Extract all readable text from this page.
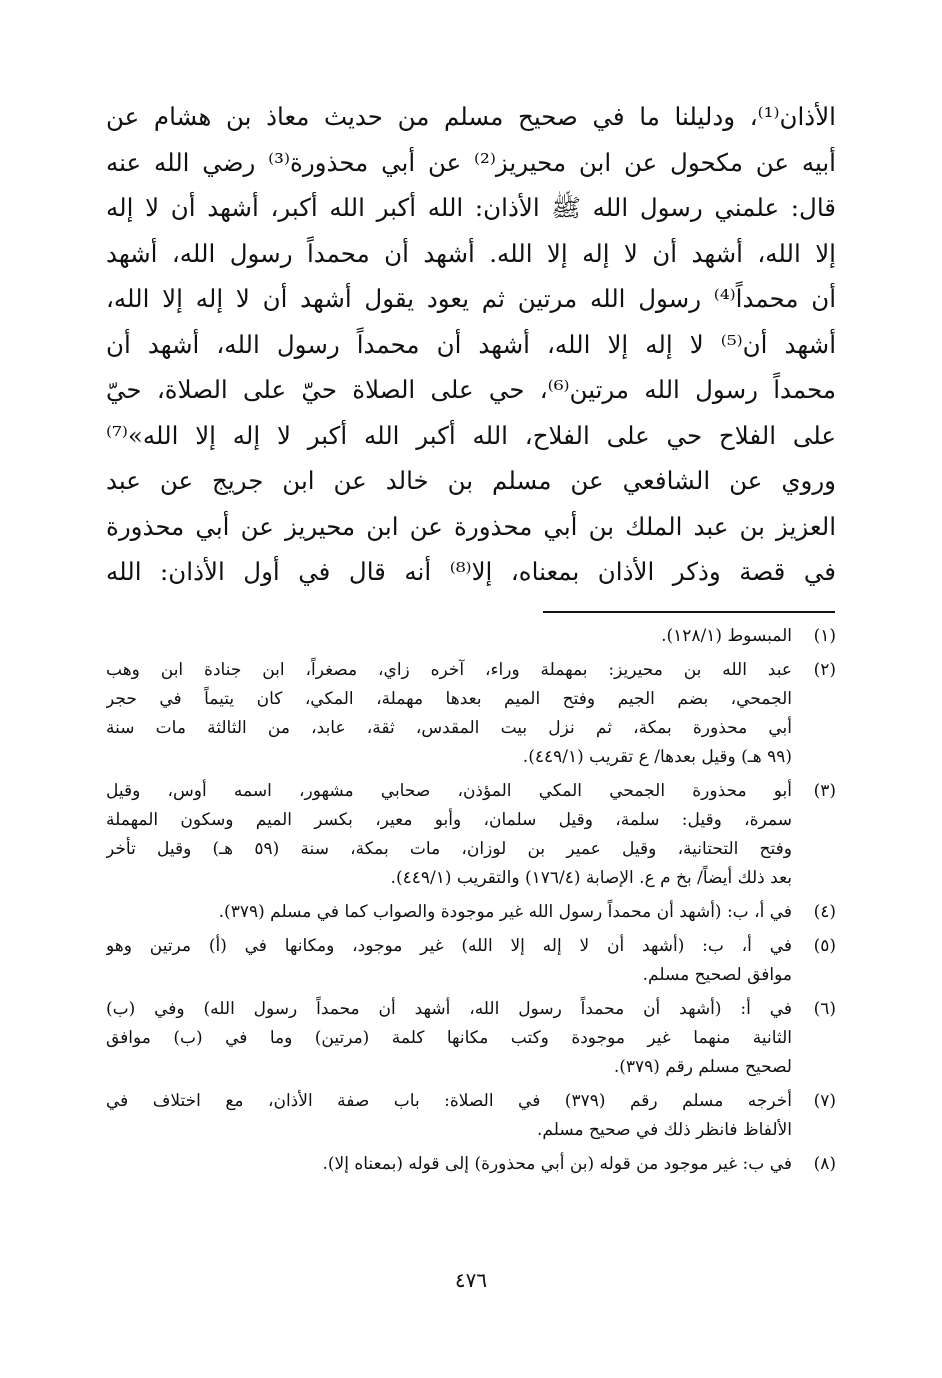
الأذان⁽¹⁾، ودليلنا ما في صحيح مسلم من حديث معاذ بن هشام عن
أبيه عن مكحول عن ابن محيريز⁽²⁾ عن أبي محذورة⁽³⁾ رضي الله عنه
قال: علمني رسول الله ﷺ الأذان: الله أكبر الله أكبر، أشهد أن لا إله
إلا الله، أشهد أن لا إله إلا الله. أشهد أن محمداً رسول الله، أشهد
أن محمداً⁽⁴⁾ رسول الله مرتين ثم يعود يقول أشهد أن لا إله إلا الله،
أشهد أن⁽⁵⁾ لا إله إلا الله، أشهد أن محمداً رسول الله، أشهد أن
محمداً رسول الله مرتين⁽⁶⁾، حي على الصلاة حيّ على الصلاة، حيّ
على الفلاح حي على الفلاح، الله أكبر الله أكبر لا إله إلا الله»⁽⁷⁾
وروي عن الشافعي عن مسلم بن خالد عن ابن جريج عن عبد
العزيز بن عبد الملك بن أبي محذورة عن ابن محيريز عن أبي محذورة
في قصة وذكر الأذان بمعناه، إلا⁽⁸⁾ أنه قال في أول الأذان: الله
(١)
المبسوط (١٢٨/١).
(٢)
عبد الله بن محيريز: بمهملة وراء، آخره زاي، مصغراً، ابن جنادة ابن وهب
الجمحي، بضم الجيم وفتح الميم بعدها مهملة، المكي، كان يتيماً في حجر
أبي محذورة بمكة، ثم نزل بيت المقدس، ثقة، عابد، من الثالثة مات سنة
(٩٩ هـ) وقيل بعدها/ ع تقريب (٤٤٩/١).
(٣)
أبو محذورة الجمحي المكي المؤذن، صحابي مشهور، اسمه أوس، وقيل
سمرة، وقيل: سلمة، وقيل سلمان، وأبو معير، بكسر الميم وسكون المهملة
وفتح التحتانية، وقيل عمير بن لوزان، مات بمكة، سنة (٥٩ هـ) وقيل تأخر
بعد ذلك أيضاً/ بخ م ع. الإصابة (١٧٦/٤) والتقريب (٤٤٩/١).
(٤)
في أ، ب: (أشهد أن محمداً رسول الله غير موجودة والصواب كما في مسلم (٣٧٩).
(٥)
في أ، ب: (أشهد أن لا إله إلا الله) غير موجود، ومكانها في (أ) مرتين وهو
موافق لصحيح مسلم.
(٦)
في أ: (أشهد أن محمداً رسول الله، أشهد أن محمداً رسول الله) وفي (ب)
الثانية منهما غير موجودة وكتب مكانها كلمة (مرتين) وما في (ب) موافق
لصحيح مسلم رقم (٣٧٩).
(٧)
أخرجه مسلم رقم (٣٧٩) في الصلاة: باب صفة الأذان، مع اختلاف في
الألفاظ فانظر ذلك في صحيح مسلم.
(٨)
في ب: غير موجود من قوله (بن أبي محذورة) إلى قوله (بمعناه إلا).
٤٧٦
